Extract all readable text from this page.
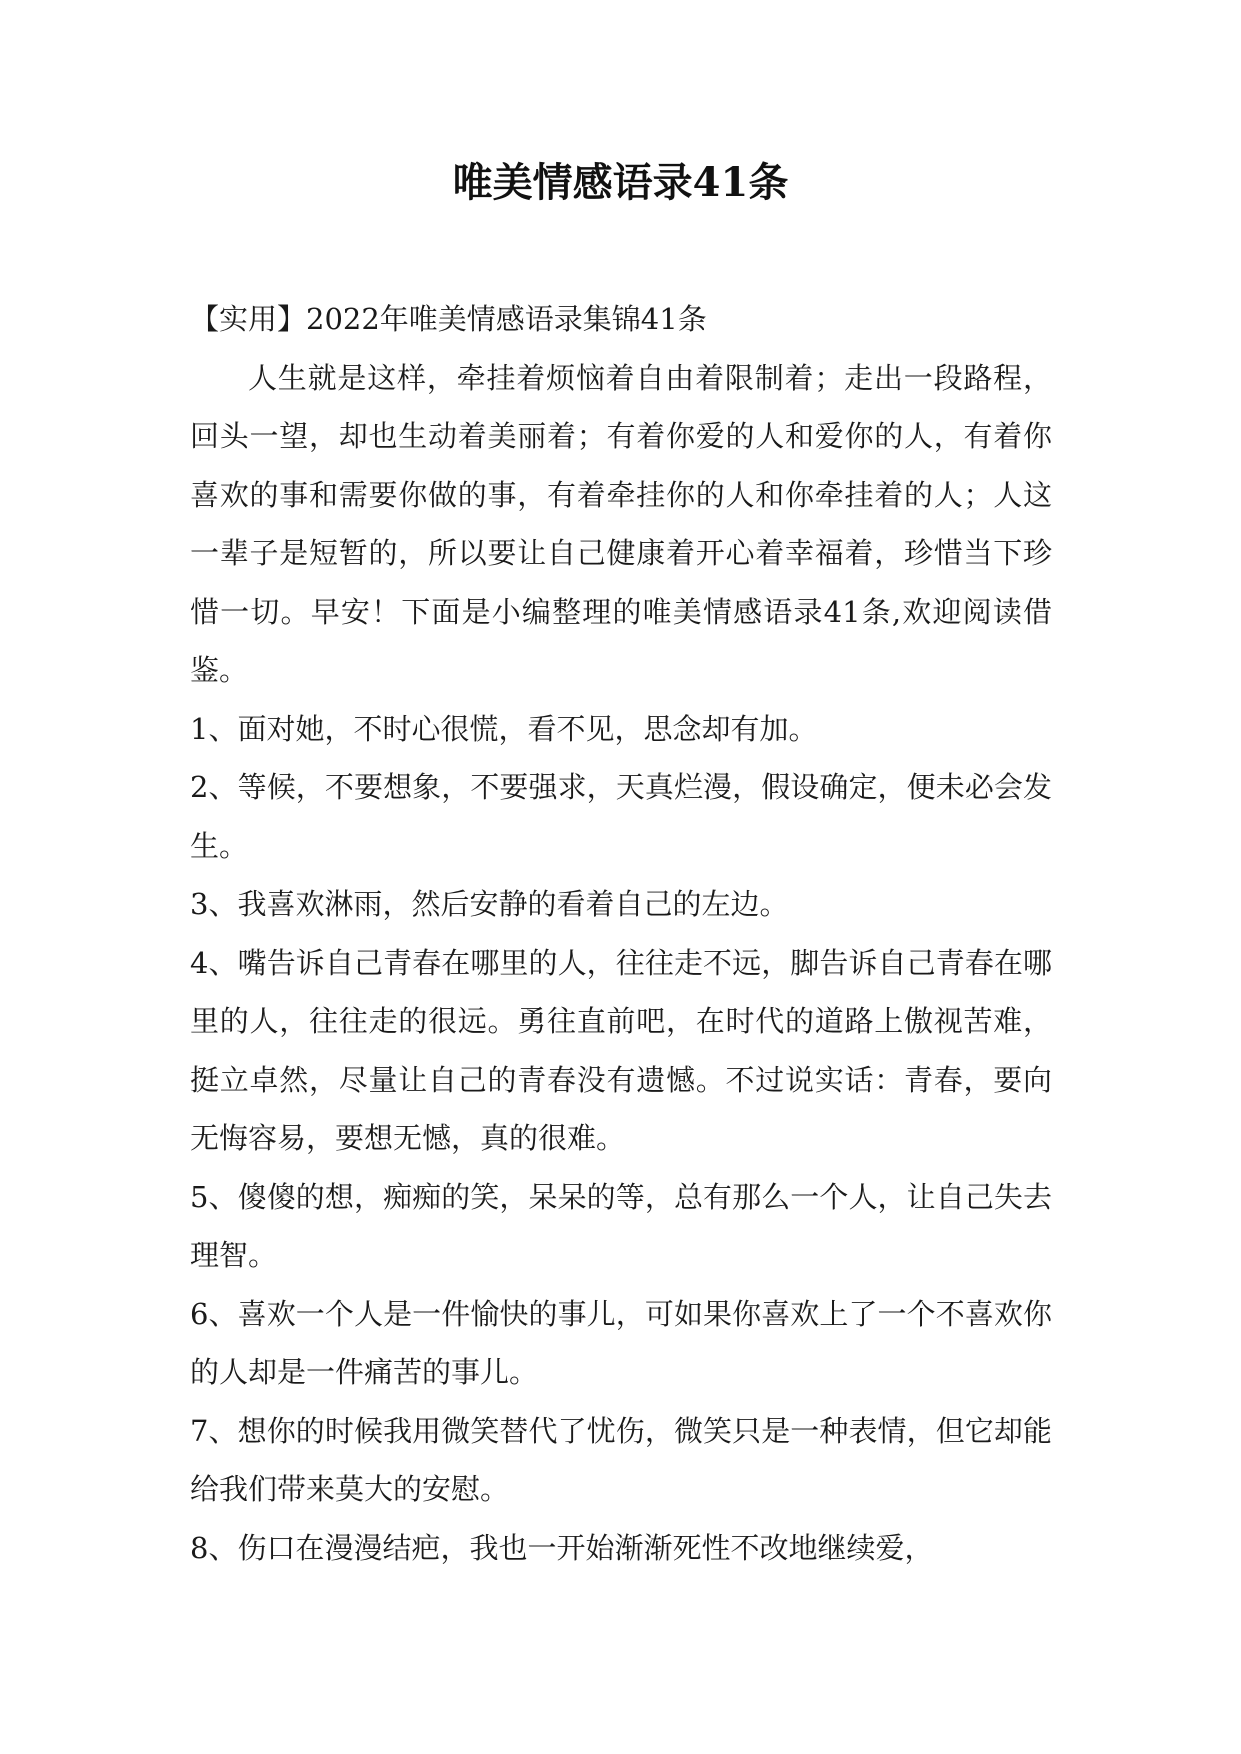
唯美情感语录41条

【实用】2022年唯美情感语录集锦41条

人生就是这样，牵挂着烦恼着自由着限制着；走出一段路程，回头一望，却也生动着美丽着；有着你爱的人和爱你的人，有着你喜欢的事和需要你做的事，有着牵挂你的人和你牵挂着的人；人这一辈子是短暂的，所以要让自己健康着开心着幸福着，珍惜当下珍惜一切。早安！下面是小编整理的唯美情感语录41条,欢迎阅读借鉴。

1、面对她，不时心很慌，看不见，思念却有加。

2、等候，不要想象，不要强求，天真烂漫，假设确定，便未必会发生。

3、我喜欢淋雨，然后安静的看着自己的左边。

4、嘴告诉自己青春在哪里的人，往往走不远，脚告诉自己青春在哪里的人，往往走的很远。勇往直前吧，在时代的道路上傲视苦难，挺立卓然，尽量让自己的青春没有遗憾。不过说实话：青春，要向无悔容易，要想无憾，真的很难。

5、傻傻的想，痴痴的笑，呆呆的等，总有那么一个人，让自己失去理智。

6、喜欢一个人是一件愉快的事儿，可如果你喜欢上了一个不喜欢你的人却是一件痛苦的事儿。

7、想你的时候我用微笑替代了忧伤，微笑只是一种表情，但它却能给我们带来莫大的安慰。

8、伤口在漫漫结疤，我也一开始渐渐死性不改地继续爱，
